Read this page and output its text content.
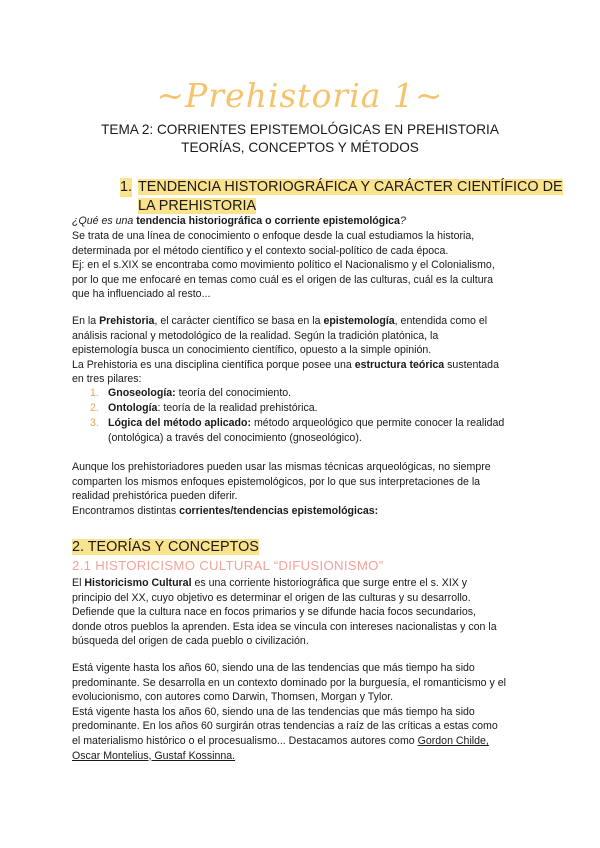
~Prehistoria 1~
TEMA 2: CORRIENTES EPISTEMOLÓGICAS EN PREHISTORIA
TEORÍAS, CONCEPTOS Y MÉTODOS
1. TENDENCIA HISTORIOGRÁFICA Y CARÁCTER CIENTÍFICO DE
LA PREHISTORIA
¿Qué es una tendencia historiográfica o corriente epistemológica?
Se trata de una línea de conocimiento o enfoque desde la cual estudiamos la historia,
determinada por el método científico y el contexto social-político de cada época.
Ej: en el s.XIX se encontraba como movimiento político el Nacionalismo y el Colonialismo,
por lo que me enfocaré en temas como cuál es el origen de las culturas, cuál es la cultura
que ha influenciado al resto...
En la Prehistoria, el carácter científico se basa en la epistemología, entendida como el
análisis racional y metodológico de la realidad. Según la tradición platónica, la
epistemología busca un conocimiento científico, opuesto a la simple opinión.
La Prehistoria es una disciplina científica porque posee una estructura teórica sustentada
en tres pilares:
1. Gnoseología: teoría del conocimiento.
2. Ontología: teoría de la realidad prehistórica.
3. Lógica del método aplicado: método arqueológico que permite conocer la realidad
(ontológica) a través del conocimiento (gnoseológico).
Aunque los prehistoriadores pueden usar las mismas técnicas arqueológicas, no siempre
comparten los mismos enfoques epistemológicos, por lo que sus interpretaciones de la
realidad prehistórica pueden diferir.
Encontramos distintas corrientes/tendencias epistemológicas:
2. TEORÍAS Y CONCEPTOS
2.1 HISTORICISMO CULTURAL “DIFUSIONISMO”
El Historicismo Cultural es una corriente historiográfica que surge entre el s. XIX y
principio del XX, cuyo objetivo es determinar el origen de las culturas y su desarrollo.
Defiende que la cultura nace en focos primarios y se difunde hacia focos secundarios,
donde otros pueblos la aprenden. Esta idea se vincula con intereses nacionalistas y con la
búsqueda del origen de cada pueblo o civilización.
Está vigente hasta los años 60, siendo una de las tendencias que más tiempo ha sido
predominante. Se desarrolla en un contexto dominado por la burguesía, el romanticismo y el
evolucionismo, con autores como Darwin, Thomsen, Morgan y Tylor.
Está vigente hasta los años 60, siendo una de las tendencias que más tiempo ha sido
predominante. En los años 60 surgirán otras tendencias a raíz de las críticas a estas como
el materialismo histórico o el procesualismo... Destacamos autores como Gordon Childe,
Oscar Montelius, Gustaf Kossinna.
